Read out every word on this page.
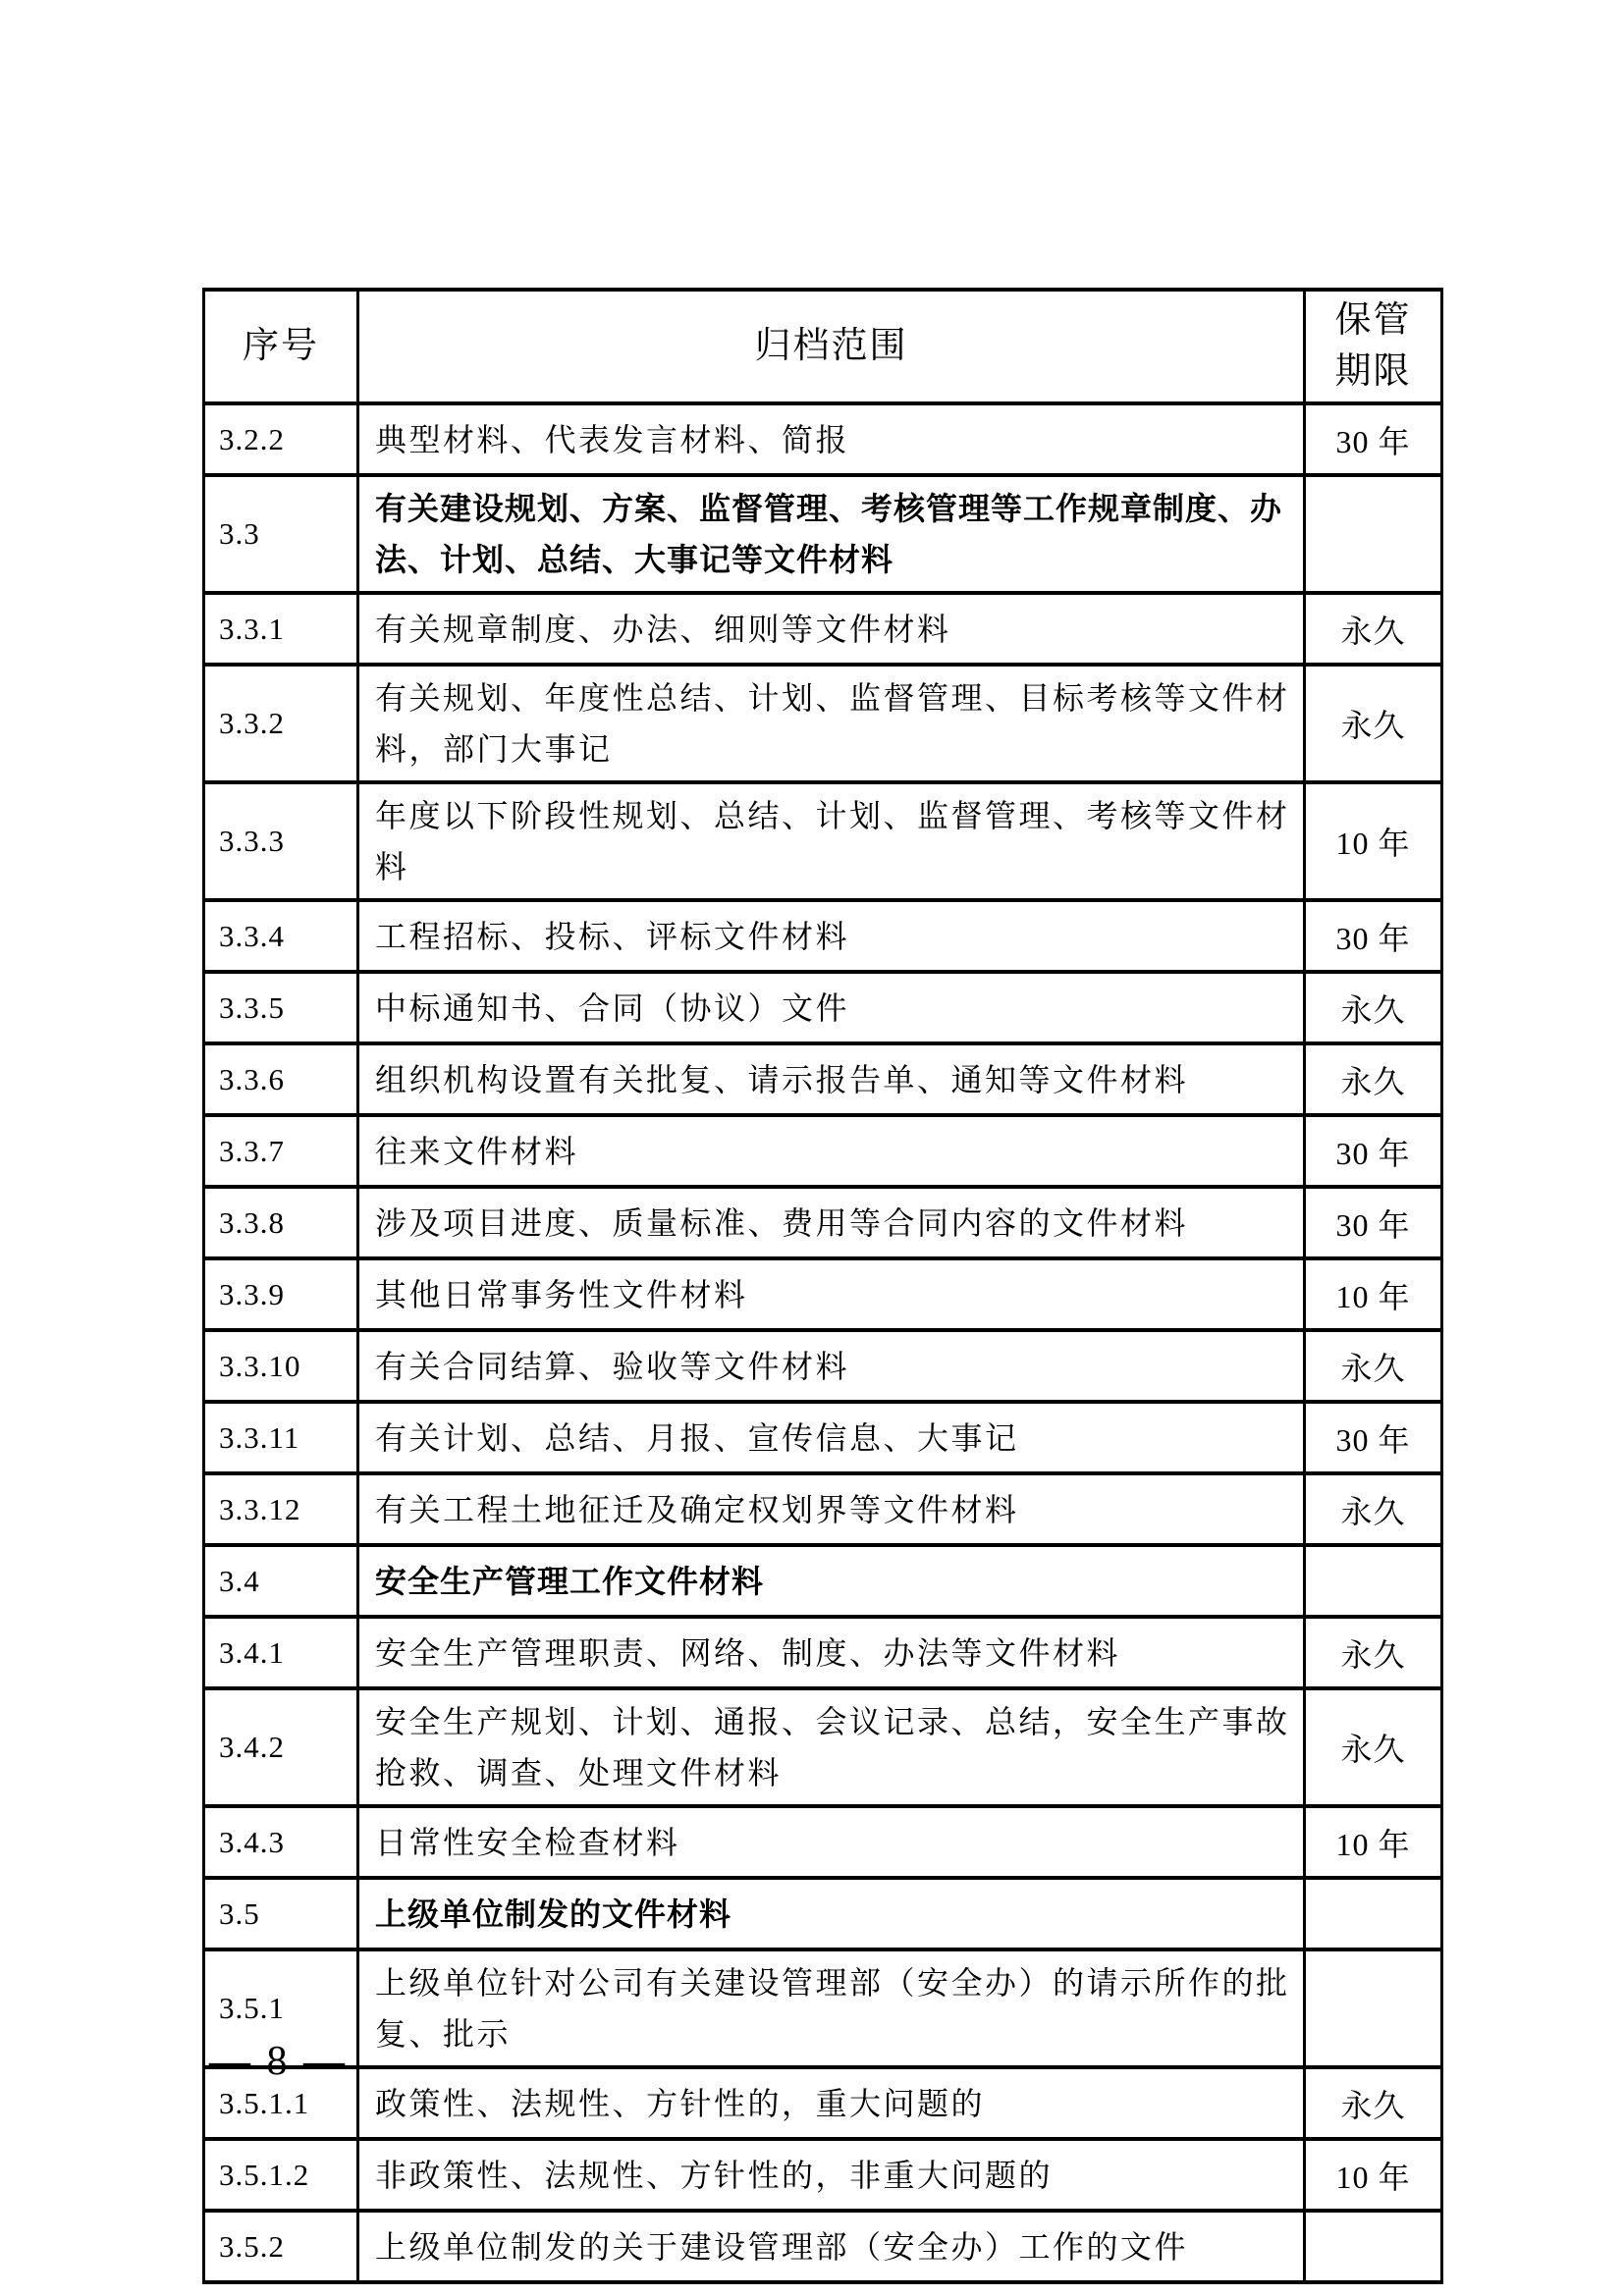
序号	归档范围	保管
期限

3.2.2	典型材料、代表发言材料、简报	30 年
3.3	有关建设规划、方案、监督管理、考核管理等工作规章制度、办法、计划、总结、大事记等文件材料	
3.3.1	有关规章制度、办法、细则等文件材料	永久
3.3.2	有关规划、年度性总结、计划、监督管理、目标考核等文件材料，部门大事记	永久
3.3.3	年度以下阶段性规划、总结、计划、监督管理、考核等文件材料	10 年
3.3.4	工程招标、投标、评标文件材料	30 年
3.3.5	中标通知书、合同（协议）文件	永久
3.3.6	组织机构设置有关批复、请示报告单、通知等文件材料	永久
3.3.7	往来文件材料	30 年
3.3.8	涉及项目进度、质量标准、费用等合同内容的文件材料	30 年
3.3.9	其他日常事务性文件材料	10 年
3.3.10	有关合同结算、验收等文件材料	永久
3.3.11	有关计划、总结、月报、宣传信息、大事记	30 年
3.3.12	有关工程土地征迁及确定权划界等文件材料	永久
3.4	安全生产管理工作文件材料	
3.4.1	安全生产管理职责、网络、制度、办法等文件材料	永久
3.4.2	安全生产规划、计划、通报、会议记录、总结，安全生产事故抢救、调查、处理文件材料	永久
3.4.3	日常性安全检查材料	10 年
3.5	上级单位制发的文件材料	
3.5.1	上级单位针对公司有关建设管理部（安全办）的请示所作的批复、批示	
3.5.1.1	政策性、法规性、方针性的，重大问题的	永久
3.5.1.2	非政策性、法规性、方针性的，非重大问题的	10 年
3.5.2	上级单位制发的关于建设管理部（安全办）工作的文件	
— 8 —
